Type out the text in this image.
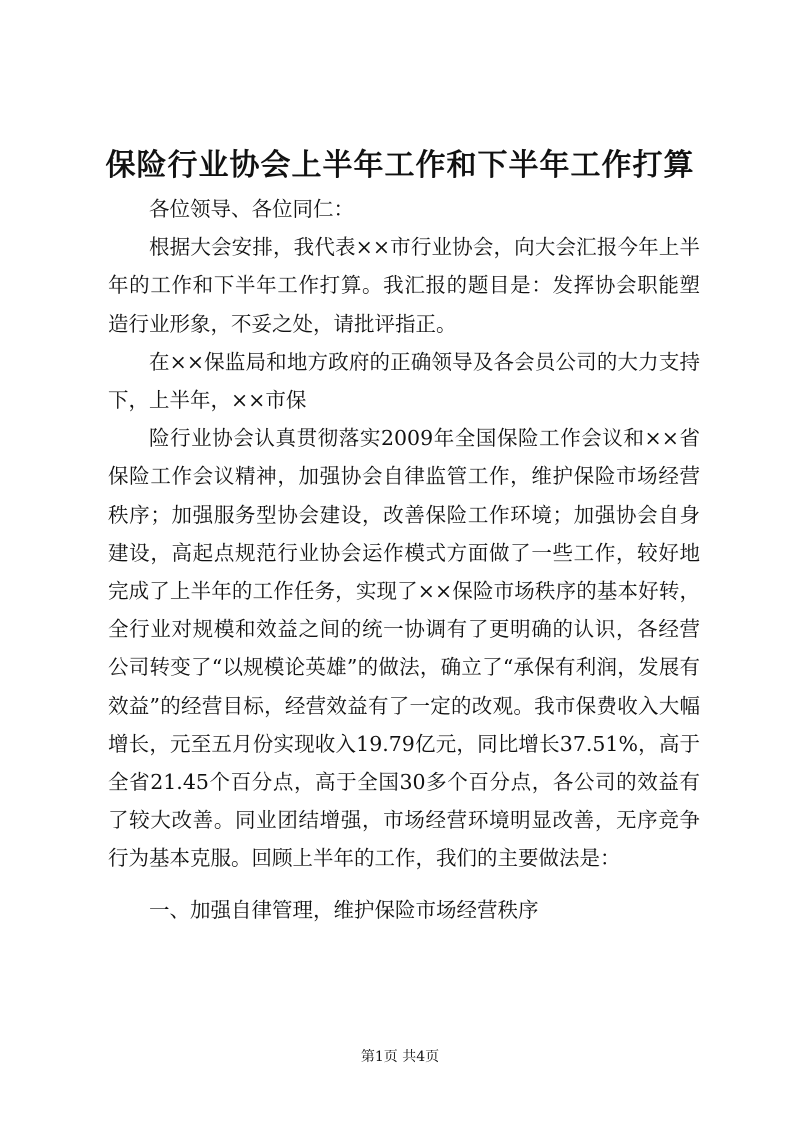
保险行业协会上半年工作和下半年工作打算

各位领导、各位同仁：

根据大会安排，我代表××市行业协会，向大会汇报今年上半年的工作和下半年工作打算。我汇报的题目是：发挥协会职能塑造行业形象，不妥之处，请批评指正。

在××保监局和地方政府的正确领导及各会员公司的大力支持下，上半年，××市保

险行业协会认真贯彻落实2009年全国保险工作会议和××省保险工作会议精神，加强协会自律监管工作，维护保险市场经营秩序；加强服务型协会建设，改善保险工作环境；加强协会自身建设，高起点规范行业协会运作模式方面做了一些工作，较好地完成了上半年的工作任务，实现了××保险市场秩序的基本好转，全行业对规模和效益之间的统一协调有了更明确的认识，各经营公司转变了“以规模论英雄”的做法，确立了“承保有利润，发展有效益”的经营目标，经营效益有了一定的改观。我市保费收入大幅增长，元至五月份实现收入19.79亿元，同比增长37.51%，高于全省21.45个百分点，高于全国30多个百分点，各公司的效益有了较大改善。同业团结增强，市场经营环境明显改善，无序竞争行为基本克服。回顾上半年的工作，我们的主要做法是：

一、加强自律管理，维护保险市场经营秩序

第1页 共4页
